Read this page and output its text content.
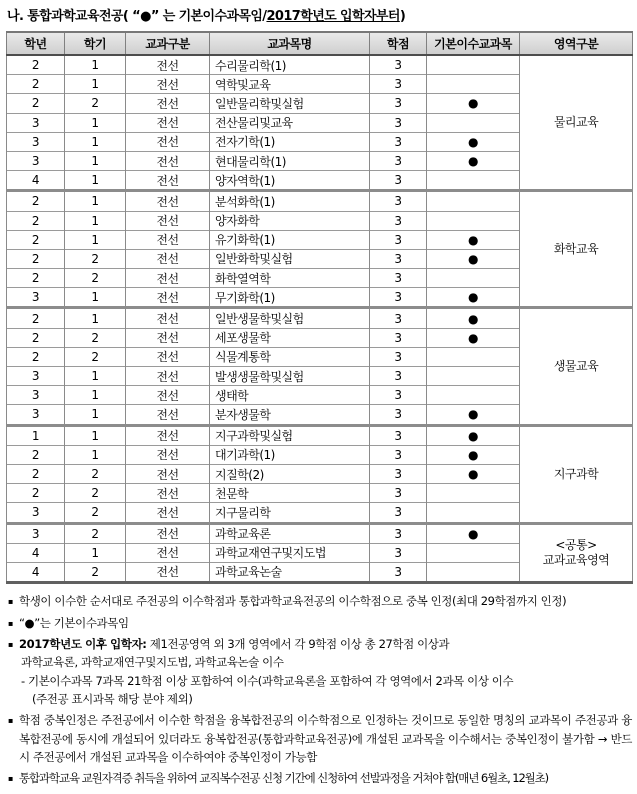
나. 통합과학교육전공( “●” 는 기본이수과목임/2017학년도 입학자부터)
학년	학기	교과구분	교과목명	학점	기본이수교과목	영역구분
2	1	전선	수리물리학(1)	3		물리교육
2	1	전선	역학및교육	3		
2	2	전선	일반물리학및실험	3	●	
3	1	전선	전산물리및교육	3		
3	1	전선	전자기학(1)	3	●	
3	1	전선	현대물리학(1)	3	●	
4	1	전선	양자역학(1)	3		
2	1	전선	분석화학(1)	3		화학교육
2	1	전선	양자화학	3		
2	1	전선	유기화학(1)	3	●	
2	2	전선	일반화학및실험	3	●	
2	2	전선	화학열역학	3		
3	1	전선	무기화학(1)	3	●	
2	1	전선	일반생물학및실험	3	●	생물교육
2	2	전선	세포생물학	3	●	
2	2	전선	식물계통학	3		
3	1	전선	발생생물학및실험	3		
3	1	전선	생태학	3		
3	1	전선	분자생물학	3	●	
1	1	전선	지구과학및실험	3	●	지구과학
2	1	전선	대기과학(1)	3	●	
2	2	전선	지질학(2)	3	●	
2	2	전선	천문학	3		
3	2	전선	지구물리학	3		
3	2	전선	과학교육론	3	●	<공통>
교과교육영역
4	1	전선	과학교재연구및지도법	3		
4	2	전선	과학교육논술	3		
▪ 학생이 이수한 순서대로 주전공의 이수학점과 통합과학교육전공의 이수학점으로 중복 인정(최대 29학점까지 인정)
▪ “●”는 기본이수과목임
▪ 2017학년도 이후 입학자: 제1전공영역 외 3개 영역에서 각 9학점 이상 총 27학점 이상과
과학교육론, 과학교재연구및지도법, 과학교육논술 이수
- 기본이수과목 7과목 21학점 이상 포함하여 이수(과학교육론을 포함하여 각 영역에서 2과목 이상 이수
(주전공 표시과목 해당 분야 제외)
▪ 학점 중복인정은 주전공에서 이수한 학점을 융복합전공의 이수학점으로 인정하는 것이므로 동일한 명칭의 교과목이 주전공과 융복합전공에 동시에 개설되어 있더라도 융복합전공(통합과학교육전공)에 개설된 교과목을 이수해서는 중복인정이 불가함 → 반드시 주전공에서 개설된 교과목을 이수하여야 중복인정이 가능함
▪ 통합과학교육 교원자격증 취득을 위하여 교직복수전공 신청 기간에 신청하여 선발과정을 거쳐야 함(매년 6월초, 12월초)
